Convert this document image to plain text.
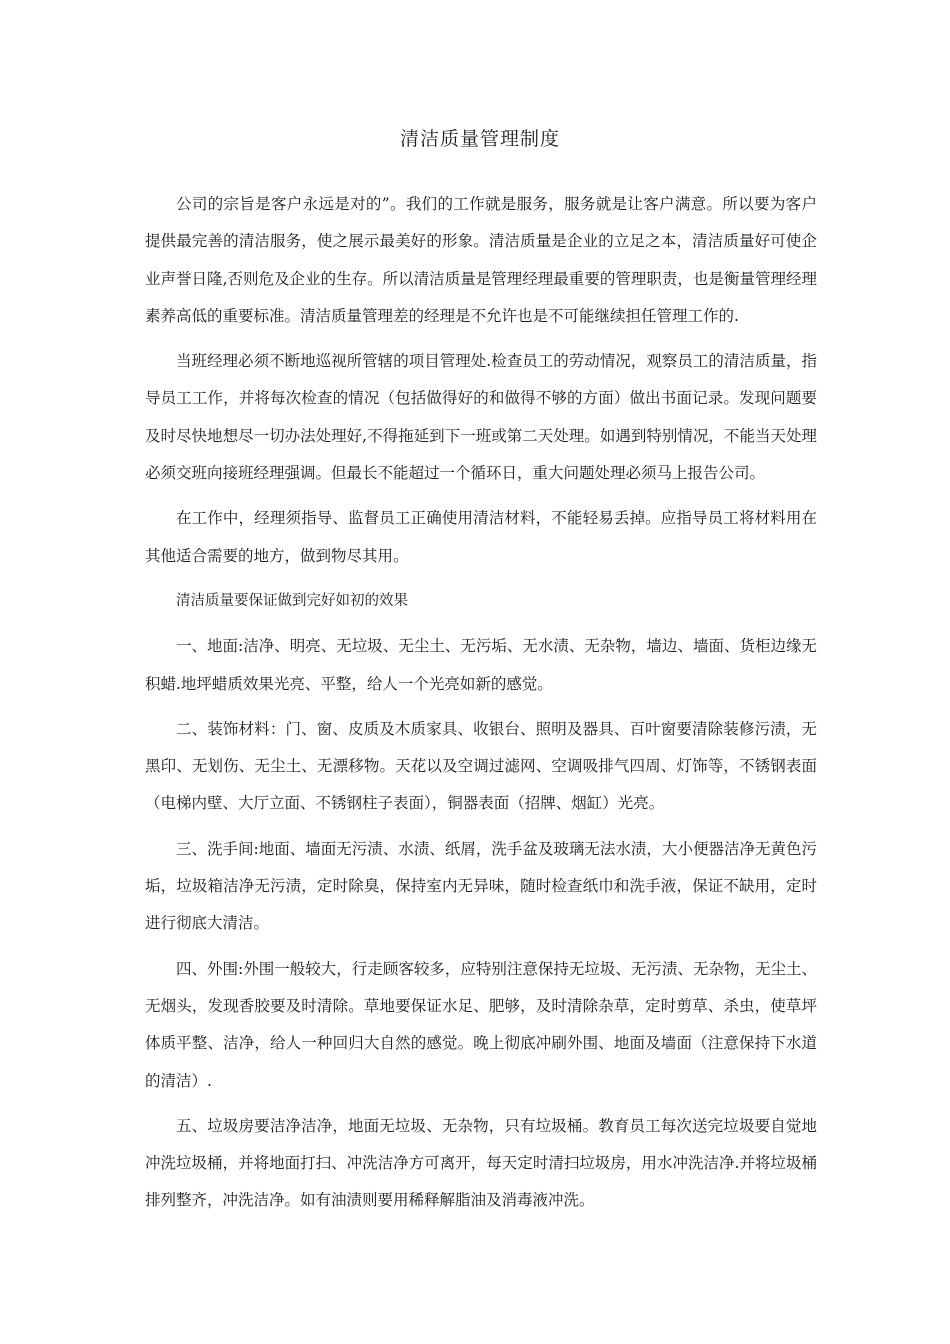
清洁质量管理制度

公司的宗旨是客户永远是对的”。我们的工作就是服务，服务就是让客户满意。所以要为客户提供最完善的清洁服务，使之展示最美好的形象。清洁质量是企业的立足之本，清洁质量好可使企业声誉日隆,否则危及企业的生存。所以清洁质量是管理经理最重要的管理职责，也是衡量管理经理素养高低的重要标准。清洁质量管理差的经理是不允许也是不可能继续担任管理工作的.

当班经理必须不断地巡视所管辖的项目管理处.检查员工的劳动情况，观察员工的清洁质量，指导员工工作，并将每次检查的情况（包括做得好的和做得不够的方面）做出书面记录。发现问题要及时尽快地想尽一切办法处理好,不得拖延到下一班或第二天处理。如遇到特别情况，不能当天处理必须交班向接班经理强调。但最长不能超过一个循环日，重大问题处理必须马上报告公司。

在工作中，经理须指导、监督员工正确使用清洁材料，不能轻易丢掉。应指导员工将材料用在其他适合需要的地方，做到物尽其用。

清洁质量要保证做到完好如初的效果

一、地面:洁净、明亮、无垃圾、无尘土、无污垢、无水渍、无杂物，墙边、墙面、货柜边缘无积蜡.地坪蜡质效果光亮、平整，给人一个光亮如新的感觉。

二、装饰材料：门、窗、皮质及木质家具、收银台、照明及器具、百叶窗要清除装修污渍，无黑印、无划伤、无尘土、无漂移物。天花以及空调过滤网、空调吸排气四周、灯饰等，不锈钢表面（电梯内壁、大厅立面、不锈钢柱子表面），铜器表面（招牌、烟缸）光亮。

三、洗手间:地面、墙面无污渍、水渍、纸屑，洗手盆及玻璃无法水渍，大小便器洁净无黄色污垢，垃圾箱洁净无污渍，定时除臭，保持室内无异味，随时检查纸巾和洗手液，保证不缺用，定时进行彻底大清洁。

四、外围:外围一般较大，行走顾客较多，应特别注意保持无垃圾、无污渍、无杂物，无尘土、无烟头，发现香胶要及时清除。草地要保证水足、肥够，及时清除杂草，定时剪草、杀虫，使草坪体质平整、洁净，给人一种回归大自然的感觉。晚上彻底冲刷外围、地面及墙面（注意保持下水道的清洁）.

五、垃圾房要洁净洁净，地面无垃圾、无杂物，只有垃圾桶。教育员工每次送完垃圾要自觉地冲洗垃圾桶，并将地面打扫、冲洗洁净方可离开，每天定时清扫垃圾房，用水冲洗洁净.并将垃圾桶排列整齐，冲洗洁净。如有油渍则要用稀释解脂油及消毒液冲洗。
